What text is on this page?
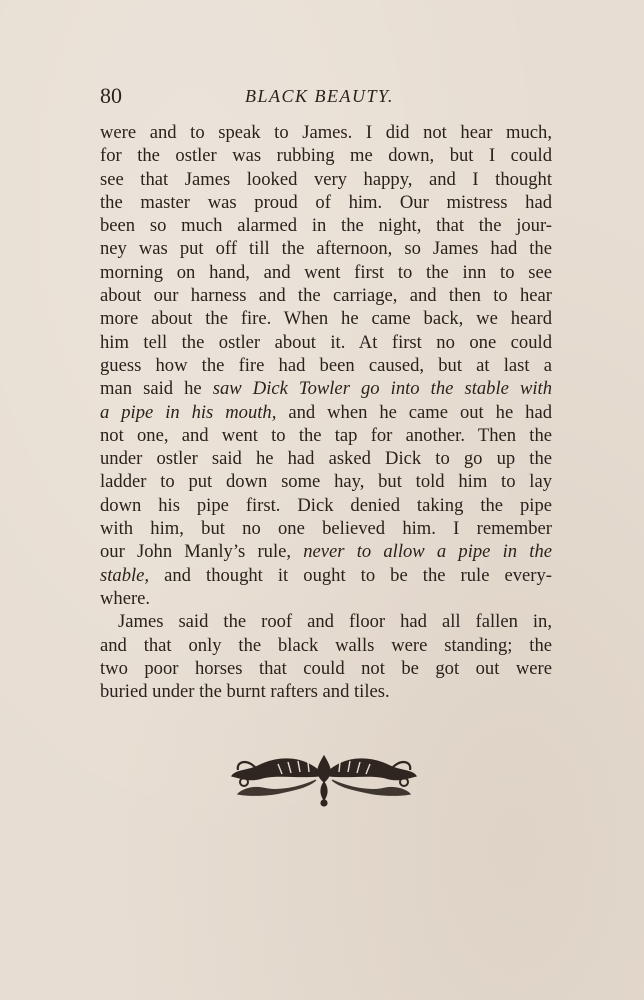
80	BLACK BEAUTY.
were and to speak to James. I did not hear much,
for the ostler was rubbing me down, but I could
see that James looked very happy, and I thought
the master was proud of him. Our mistress had
been so much alarmed in the night, that the jour-
ney was put off till the afternoon, so James had the
morning on hand, and went first to the inn to see
about our harness and the carriage, and then to hear
more about the fire. When he came back, we heard
him tell the ostler about it. At first no one could
guess how the fire had been caused, but at last a
man said he saw Dick Towler go into the stable with
a pipe in his mouth, and when he came out he had
not one, and went to the tap for another. Then the
under ostler said he had asked Dick to go up the
ladder to put down some hay, but told him to lay
down his pipe first. Dick denied taking the pipe
with him, but no one believed him. I remember
our John Manly’s rule, never to allow a pipe in the
stable, and thought it ought to be the rule every-
where.
James said the roof and floor had all fallen in,
and that only the black walls were standing; the
two poor horses that could not be got out were
buried under the burnt rafters and tiles.
